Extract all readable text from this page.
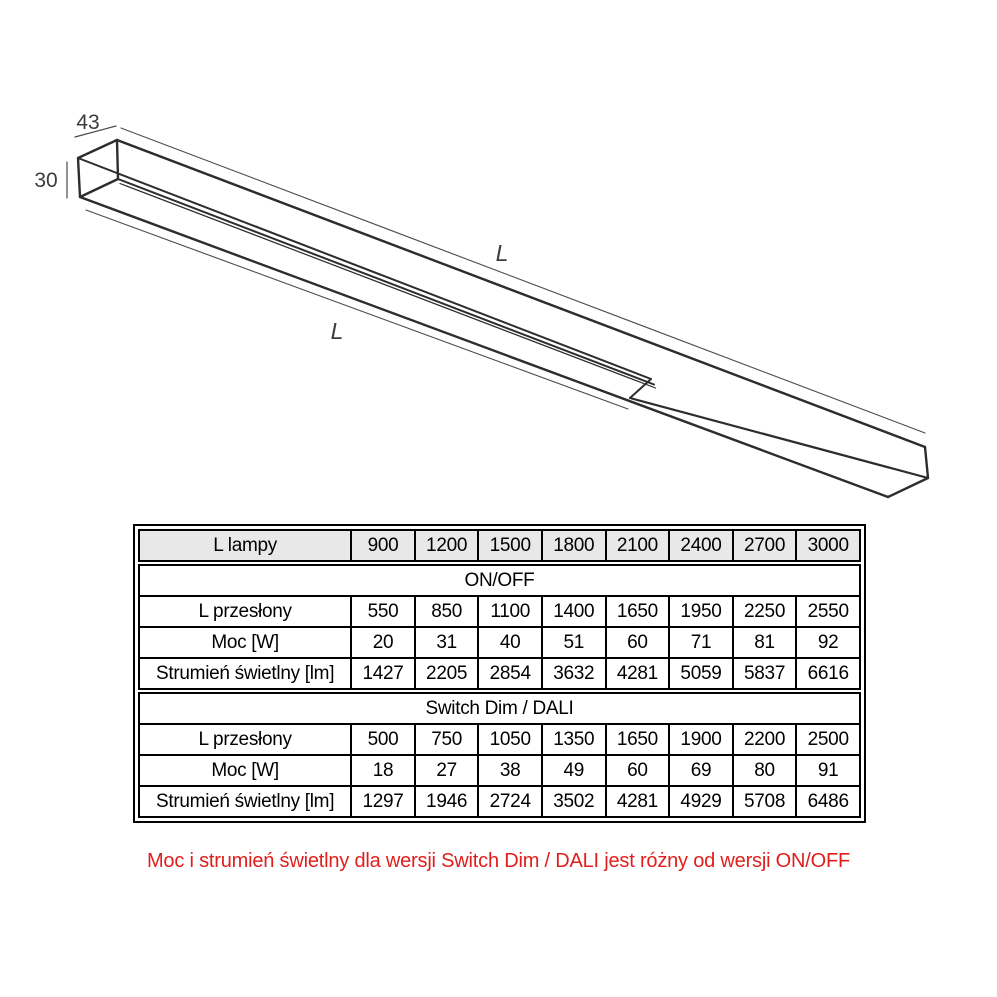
43
30
L
L
L lampy	900	1200	1500	1800	2100	2400	2700	3000
ON/OFF								
L przesłony	550	850	1100	1400	1650	1950	2250	2550
Moc [W]	20	31	40	51	60	71	81	92
Strumień świetlny [lm]	1427	2205	2854	3632	4281	5059	5837	6616
Switch Dim / DALI								
L przesłony	500	750	1050	1350	1650	1900	2200	2500
Moc [W]	18	27	38	49	60	69	80	91
Strumień świetlny [lm]	1297	1946	2724	3502	4281	4929	5708	6486
Moc i strumień świetlny dla wersji Switch Dim / DALI jest różny od wersji ON/OFF
